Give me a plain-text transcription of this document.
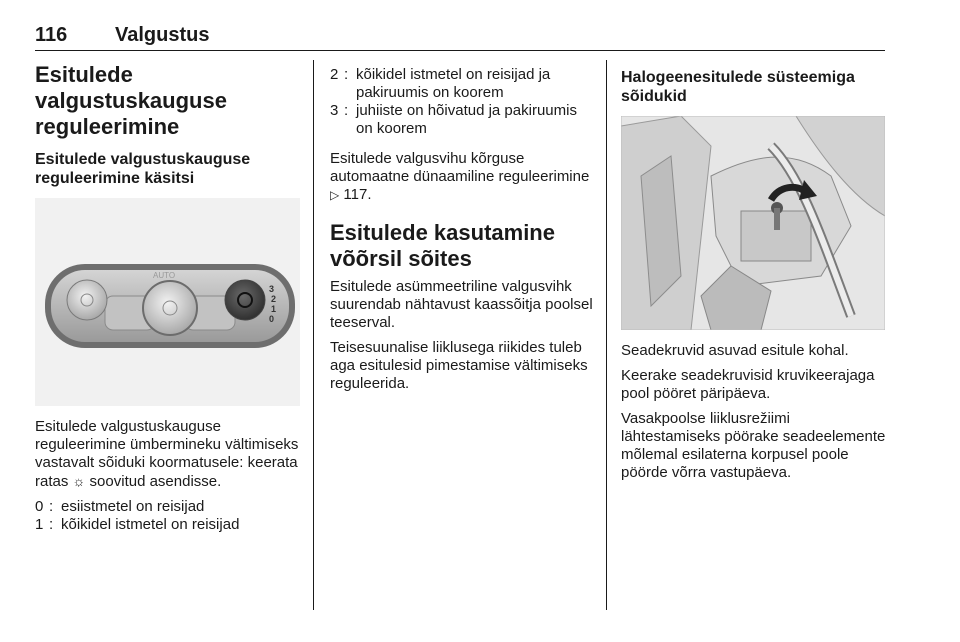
116 Valgustus
Esitulede valgustuskauguse reguleerimine
Esitulede valgustuskauguse reguleerimine käsitsi
AUTO
3
2
1
0

Esitulede valgustuskauguse reguleerimine ümbermineku vältimiseks vastavalt sõiduki koormatusele: keerata ratas ☼ soovitud asendisse.

0 : esiistmetel on reisijad
1 : kõikidel istmetel on reisijad
2 : kõikidel istmetel on reisijad ja pakiruumis on koorem
3 : juhiiste on hõivatud ja pakiruumis on koorem

Esitulede valgusvihu kõrguse automaatne dünaamiline reguleerimine ▷ 117.

Esitulede kasutamine võõrsil sõites

Esitulede asümmeetriline valgusvihk suurendab nähtavust kaassõitja poolsel teeserval.

Teisesuunalise liiklusega riikides tuleb aga esitulesid pimestamise vältimiseks reguleerida.

Halogeenesitulede süsteemiga sõidukid

Seadekruvid asuvad esitule kohal.

Keerake seadekruvisid kruvikeerajaga pool pööret päripäeva.

Vasakpoolse liiklusrežiimi lähtestamiseks pöörake seadeelemente mõlemal esilaterna korpusel poole pöörde võrra vastupäeva.
